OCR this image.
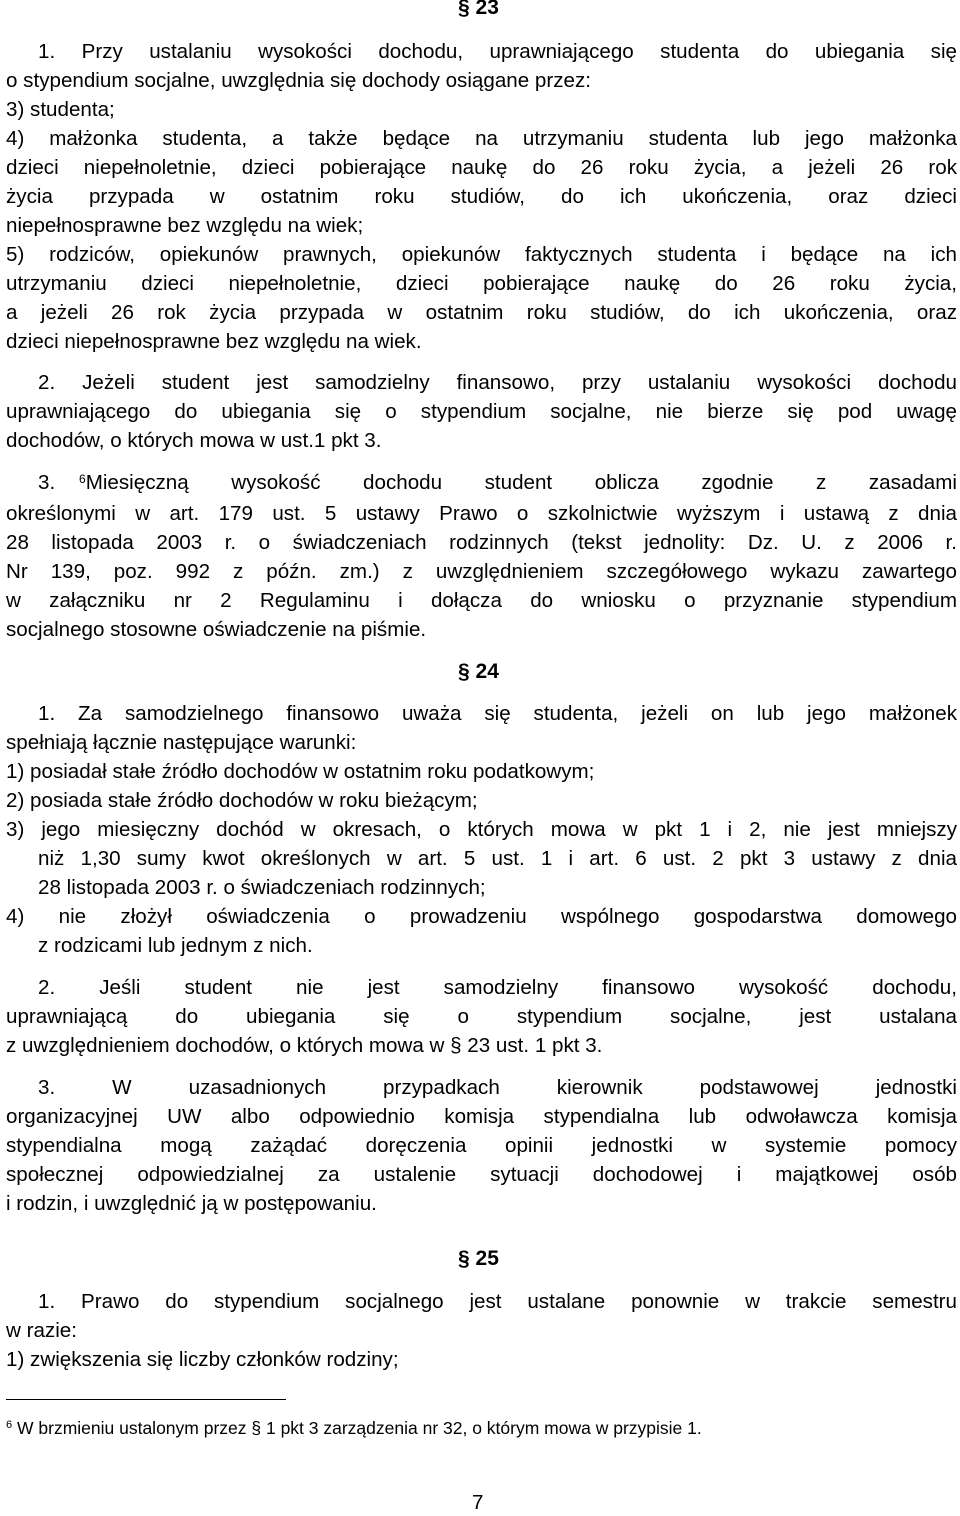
§ 23
1. Przy ustalaniu wysokości dochodu, uprawniającego studenta do ubiegania się
o stypendium socjalne, uwzględnia się dochody osiągane przez:
3) studenta;
4) małżonka studenta, a także będące na utrzymaniu studenta lub jego małżonka
dzieci niepełnoletnie, dzieci pobierające naukę do 26 roku życia, a jeżeli 26 rok
życia przypada w ostatnim roku studiów, do ich ukończenia, oraz dzieci
niepełnosprawne bez względu na wiek;
5) rodziców, opiekunów prawnych, opiekunów faktycznych studenta i będące na ich
utrzymaniu dzieci niepełnoletnie, dzieci pobierające naukę do 26 roku życia,
a jeżeli 26 rok życia przypada w ostatnim roku studiów, do ich ukończenia, oraz
dzieci niepełnosprawne bez względu na wiek.
2. Jeżeli student jest samodzielny finansowo, przy ustalaniu wysokości dochodu
uprawniającego do ubiegania się o stypendium socjalne, nie bierze się pod uwagę
dochodów, o których mowa w ust.1 pkt 3.
3.	$^6$Miesięczną wysokość dochodu student oblicza zgodnie z zasadami
określonymi w art. 179 ust. 5 ustawy Prawo o szkolnictwie wyższym i ustawą z dnia
28 listopada 2003 r. o świadczeniach rodzinnych (tekst jednolity: Dz. U. z 2006 r.
Nr 139, poz. 992 z późn. zm.) z uwzględnieniem szczegółowego wykazu zawartego
w załączniku nr 2 Regulaminu i dołącza do wniosku o przyznanie stypendium
socjalnego stosowne oświadczenie na piśmie.
§ 24
1. Za samodzielnego finansowo uważa się studenta, jeżeli on lub jego małżonek
spełniają łącznie następujące warunki:
1) posiadał stałe źródło dochodów w ostatnim roku podatkowym;
2) posiada stałe źródło dochodów w roku bieżącym;
3) jego miesięczny dochód w okresach, o których mowa w pkt 1 i 2, nie jest mniejszy
niż 1,30 sumy kwot określonych w art. 5 ust. 1 i art. 6 ust. 2 pkt 3 ustawy z dnia
28 listopada 2003 r. o świadczeniach rodzinnych;
4) nie złożył oświadczenia o prowadzeniu wspólnego gospodarstwa domowego
z rodzicami lub jednym z nich.
2. Jeśli student nie jest samodzielny finansowo wysokość dochodu,
uprawniającą do ubiegania się o stypendium socjalne, jest ustalana
z uwzględnieniem dochodów, o których mowa w § 23 ust. 1 pkt 3.
3. W uzasadnionych przypadkach kierownik podstawowej jednostki
organizacyjnej UW albo odpowiednio komisja stypendialna lub odwoławcza komisja
stypendialna mogą zażądać doręczenia opinii jednostki w systemie pomocy
społecznej odpowiedzialnej za ustalenie sytuacji dochodowej i majątkowej osób
i rodzin, i uwzględnić ją w postępowaniu.
§ 25
1. Prawo do stypendium socjalnego jest ustalane ponownie w trakcie semestru
w razie:
1) zwiększenia się liczby członków rodziny;
$^6$ W brzmieniu ustalonym przez § 1 pkt 3 zarządzenia nr 32, o którym mowa w przypisie 1.
7
